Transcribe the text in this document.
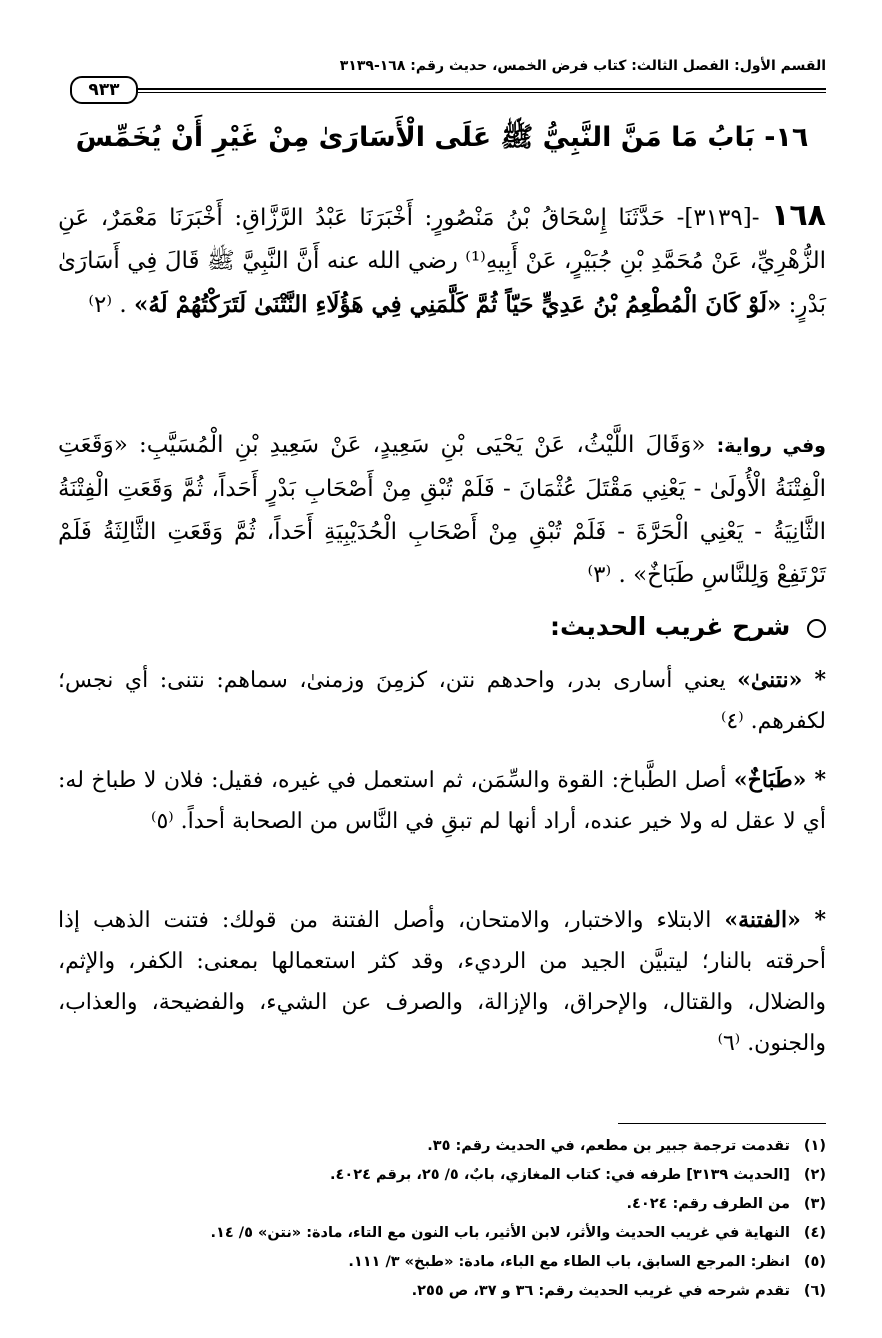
القسم الأول: الفصل الثالث: كتاب فرض الخمس، حديث رقم: ١٦٨-٣١٣٩
٩٣٣
١٦- بَابُ مَا مَنَّ النَّبِيُّ ﷺ عَلَى الْأَسَارَىٰ مِنْ غَيْرِ أَنْ يُخَمِّسَ
١٦٨ -[٣١٣٩]- حَدَّثَنَا إِسْحَاقُ بْنُ مَنْصُورٍ: أَخْبَرَنَا عَبْدُ الرَّزَّاقِ: أَخْبَرَنَا مَعْمَرٌ، عَنِ الزُّهْرِيِّ، عَنْ مُحَمَّدِ بْنِ جُبَيْرٍ، عَنْ أَبِيهِ⁽¹⁾ رضي الله عنه أَنَّ النَّبِيَّ ﷺ قَالَ فِي أَسَارَىٰ بَدْرٍ: «لَوْ كَانَ الْمُطْعِمُ بْنُ عَدِيٍّ حَيّاً ثُمَّ كَلَّمَنِي فِي هَؤُلَاءِ النَّتْنَىٰ لَتَرَكْتُهُمْ لَهُ» . ⁽٢⁾
وفي رواية: «وَقَالَ اللَّيْثُ، عَنْ يَحْيَى بْنِ سَعِيدٍ، عَنْ سَعِيدِ بْنِ الْمُسَيَّبِ: «وَقَعَتِ الْفِتْنَةُ الْأُولَىٰ - يَعْنِي مَقْتَلَ عُثْمَانَ - فَلَمْ تُبْقِ مِنْ أَصْحَابِ بَدْرٍ أَحَداً، ثُمَّ وَقَعَتِ الْفِتْنَةُ الثَّانِيَةُ - يَعْنِي الْحَرَّةَ - فَلَمْ تُبْقِ مِنْ أَصْحَابِ الْحُدَيْبِيَةِ أَحَداً، ثُمَّ وَقَعَتِ الثَّالِثَةُ فَلَمْ تَرْتَفِعْ وَلِلنَّاسِ طَبَاخٌ» . ⁽٣⁾
شرح غريب الحديث:
* «نتنىٰ» يعني أسارى بدر، واحدهم نتن، كزمِنَ وزمنىٰ، سماهم: نتنى: أي نجس؛ لكفرهم. ⁽٤⁾
* «طَبَاخٌ» أصل الطَّباخ: القوة والسِّمَن، ثم استعمل في غيره، فقيل: فلان لا طباخ له: أي لا عقل له ولا خير عنده، أراد أنها لم تبقِ في النَّاس من الصحابة أحداً. ⁽٥⁾
* «الفتنة» الابتلاء والاختبار، والامتحان، وأصل الفتنة من قولك: فتنت الذهب إذا أحرقته بالنار؛ ليتبيَّن الجيد من الرديء، وقد كثر استعمالها بمعنى: الكفر، والإثم، والضلال، والقتال، والإحراق، والإزالة، والصرف عن الشيء، والفضيحة، والعذاب، والجنون. ⁽٦⁾
(١)تقدمت ترجمة جبير بن مطعم، في الحديث رقم: ٣٥.
(٢)[الحديث ٣١٣٩] طرفه في: كتاب المغازي، بابٌ، ٥/ ٢٥، برقم ٤٠٢٤.
(٣)من الطرف رقم: ٤٠٢٤.
(٤)النهاية في غريب الحديث والأثر، لابن الأثير، باب النون مع التاء، مادة: «نتن» ٥/ ١٤.
(٥)انظر: المرجع السابق، باب الطاء مع الباء، مادة: «طبخ» ٣/ ١١١.
(٦)تقدم شرحه في غريب الحديث رقم: ٣٦ و ٣٧، ص ٢٥٥.
